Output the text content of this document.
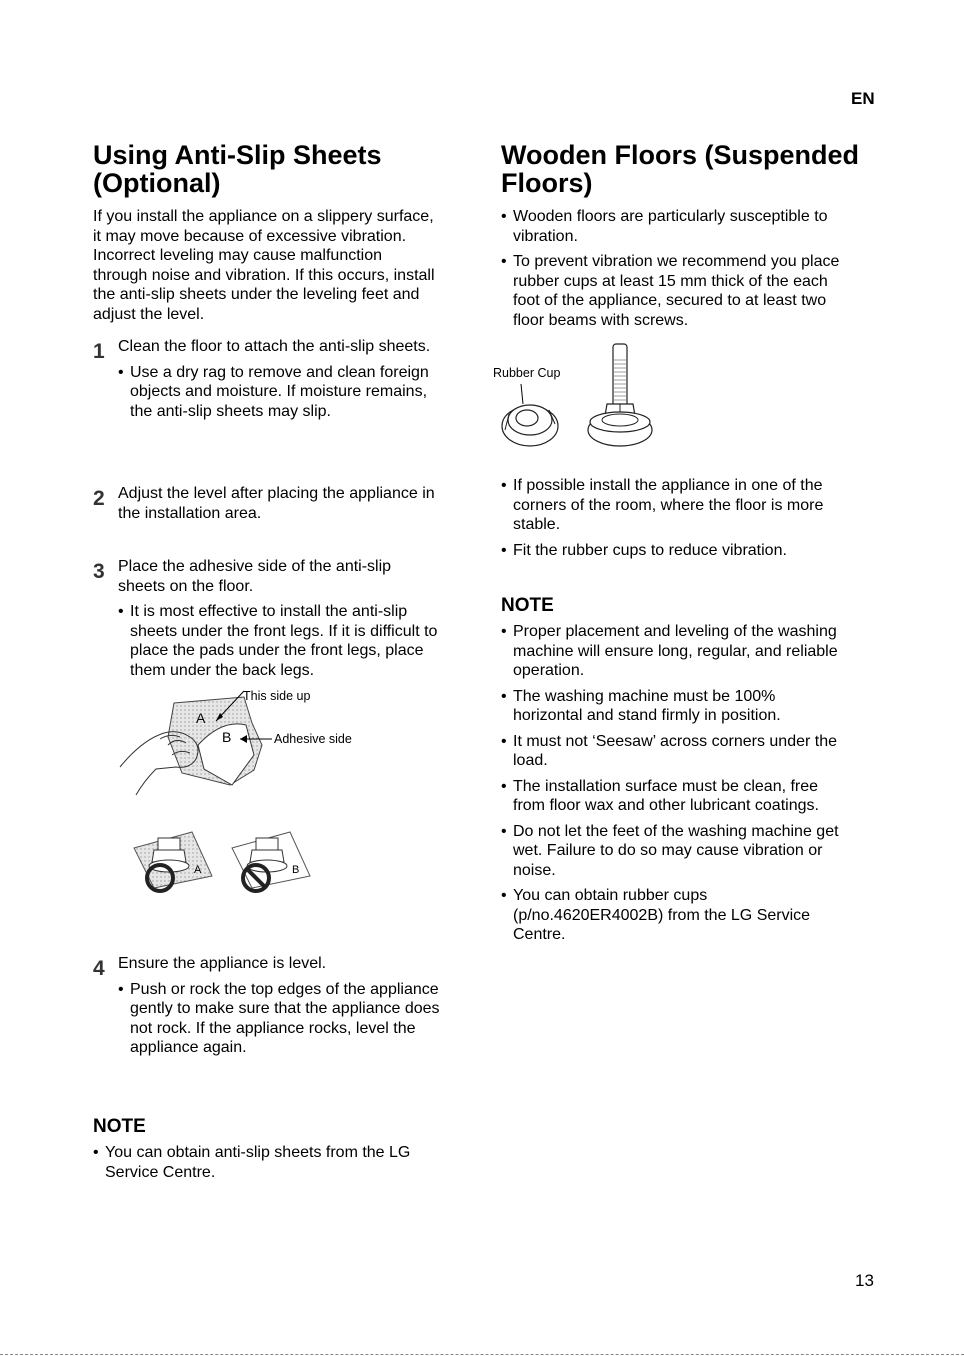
EN
13
Using Anti-Slip Sheets
(Optional)
If you install the appliance on a slippery surface,
it may move because of excessive vibration.
Incorrect leveling may cause malfunction
through noise and vibration. If this occurs, install
the anti-slip sheets under the leveling feet and
adjust the level.
1 Clean the floor to attach the anti-slip sheets.
• Use a dry rag to remove and clean foreign
objects and moisture. If moisture remains,
the anti-slip sheets may slip.
2 Adjust the level after placing the appliance in
the installation area.
3 Place the adhesive side of the anti-slip
sheets on the floor.
• It is most effective to install the anti-slip
sheets under the front legs. If it is difficult to
place the pads under the front legs, place
them under the back legs.
A
B
This side up
Adhesive side
A	B
4 Ensure the appliance is level.
• Push or rock the top edges of the appliance
gently to make sure that the appliance does
not rock. If the appliance rocks, level the
appliance again.
NOTE
• You can obtain anti-slip sheets from the LG
Service Centre.
Wooden Floors (Suspended
Floors)
• Wooden floors are particularly susceptible to
vibration.
• To prevent vibration we recommend you place
rubber cups at least 15 mm thick of the each
foot of the appliance, secured to at least two
floor beams with screws.
Rubber Cup
• If possible install the appliance in one of the
corners of the room, where the floor is more
stable.
• Fit the rubber cups to reduce vibration.
NOTE
• Proper placement and leveling of the washing
machine will ensure long, regular, and reliable
operation.
• The washing machine must be 100%
horizontal and stand firmly in position.
• It must not ‘Seesaw’ across corners under the
load.
• The installation surface must be clean, free
from floor wax and other lubricant coatings.
• Do not let the feet of the washing machine get
wet. Failure to do so may cause vibration or
noise.
• You can obtain rubber cups
(p/no.4620ER4002B) from the LG Service
Centre.
